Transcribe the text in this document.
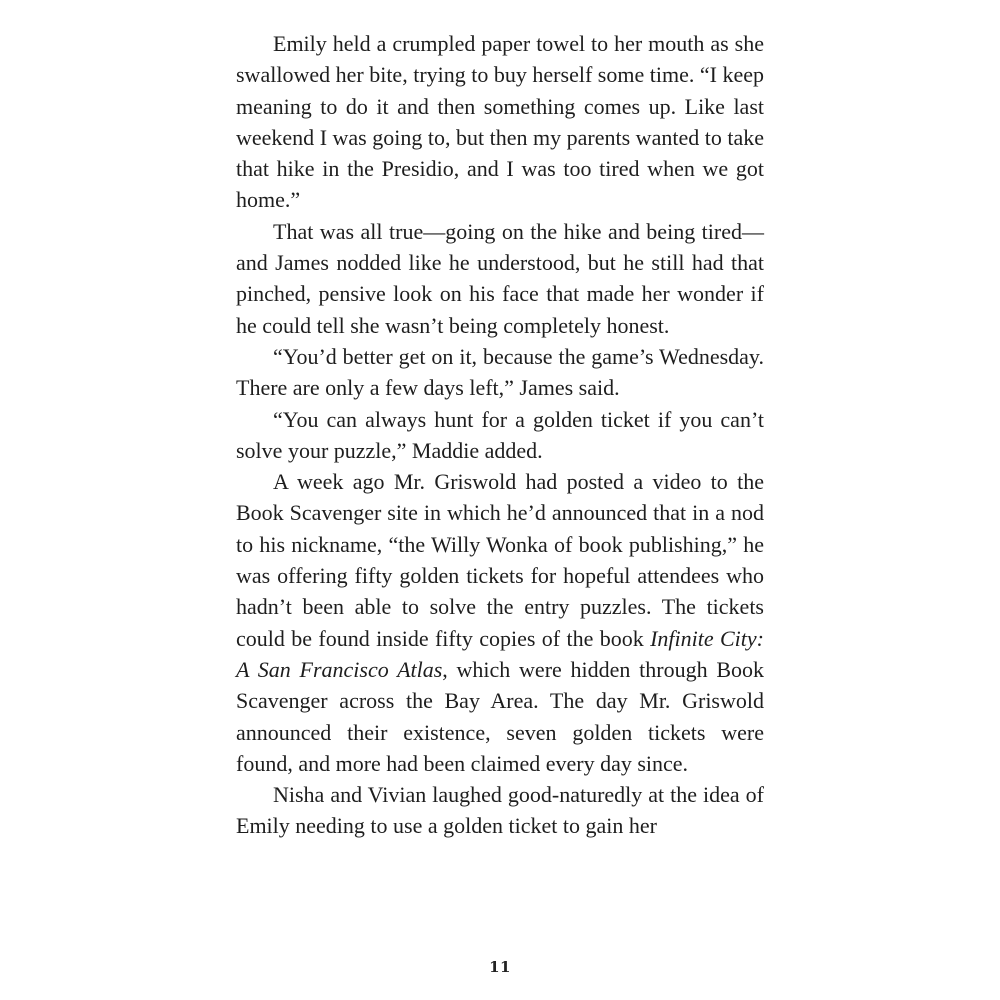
Emily held a crumpled paper towel to her mouth as she swallowed her bite, trying to buy herself some time. “I keep meaning to do it and then something comes up. Like last weekend I was going to, but then my parents wanted to take that hike in the Presidio, and I was too tired when we got home.”

That was all true—going on the hike and being tired—and James nodded like he understood, but he still had that pinched, pensive look on his face that made her wonder if he could tell she wasn’t being completely honest.

“You’d better get on it, because the game’s Wednesday. There are only a few days left,” James said.

“You can always hunt for a golden ticket if you can’t solve your puzzle,” Maddie added.

A week ago Mr. Griswold had posted a video to the Book Scavenger site in which he’d announced that in a nod to his nickname, “the Willy Wonka of book publishing,” he was offering fifty golden tickets for hopeful attendees who hadn’t been able to solve the entry puzzles. The tickets could be found inside fifty copies of the book Infinite City: A San Francisco Atlas, which were hidden through Book Scavenger across the Bay Area. The day Mr. Griswold announced their existence, seven golden tickets were found, and more had been claimed every day since.

Nisha and Vivian laughed good-naturedly at the idea of Emily needing to use a golden ticket to gain her

11
